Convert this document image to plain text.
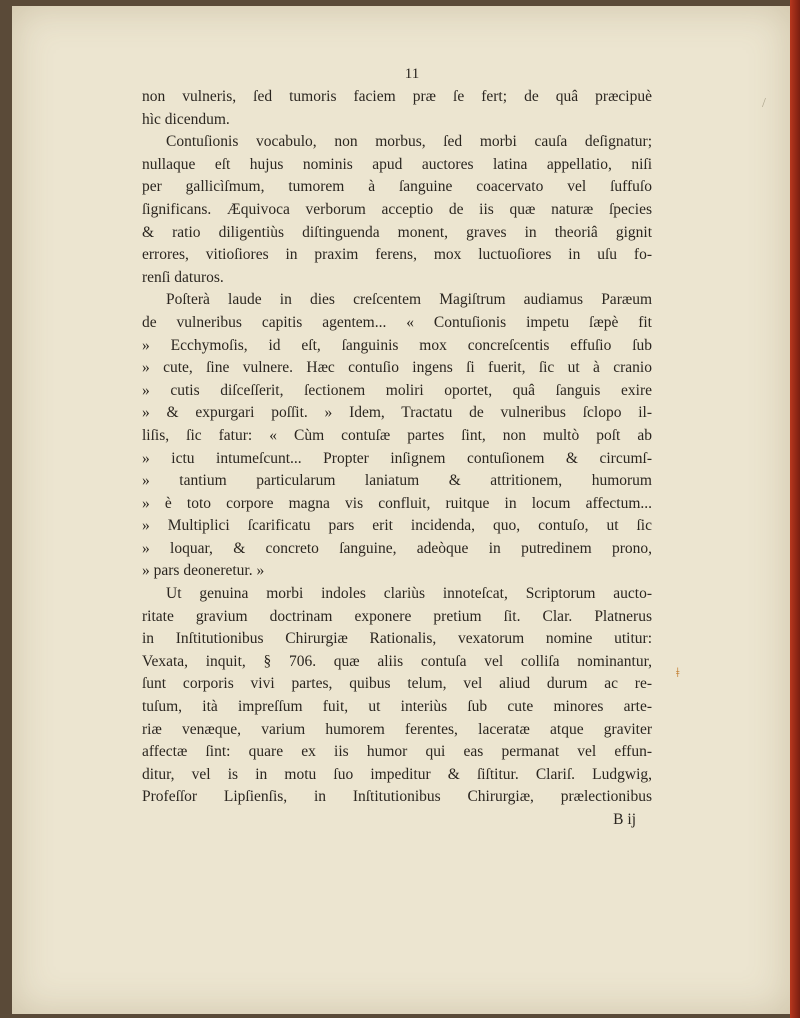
/
ǂ
11
non vulneris, ſed tumoris faciem præ ſe fert; de quâ præcipuè
hìc dicendum.
Contuſionis vocabulo, non morbus, ſed morbi cauſa deſignatur;
nullaque eſt hujus nominis apud auctores latina appellatio, niſi
per gallicìſmum, tumorem à ſanguine coacervato vel ſuffuſo
ſignificans. Æquivoca verborum acceptio de iis quæ naturæ ſpecies
& ratio diligentiùs diſtinguenda monent, graves in theoriâ gignit
errores, vitioſiores in praxim ferens, mox luctuoſiores in uſu fo-
renſi daturos.
Poſterà laude in dies creſcentem Magiſtrum audiamus Paræum
de vulneribus capitis agentem... « Contuſionis impetu ſæpè fit
» Ecchymoſis, id eſt, ſanguinis mox concreſcentis effuſio ſub
» cute, ſine vulnere. Hæc contuſio ingens ſi fuerit, ſic ut à cranio
» cutis diſceſſerit, ſectionem moliri oportet, quâ ſanguis exire
» & expurgari poſſit. » Idem, Tractatu de vulneribus ſclopo il-
liſis, ſic fatur: « Cùm contuſæ partes ſint, non multò poſt ab
» ictu intumeſcunt... Propter inſignem contuſionem & circumſ-
» tantium particularum laniatum & attritionem, humorum
» è toto corpore magna vis confluit, ruitque in locum affectum...
» Multiplici ſcarificatu pars erit incidenda, quo, contuſo, ut ſic
» loquar, & concreto ſanguine, adeòque in putredinem prono,
» pars deoneretur. »
Ut genuina morbi indoles clariùs innoteſcat, Scriptorum aucto-
ritate gravium doctrinam exponere pretium ſit. Clar. Platnerus
in Inſtitutionibus Chirurgiæ Rationalis, vexatorum nomine utitur:
Vexata, inquit, § 706. quæ aliis contuſa vel colliſa nominantur,
ſunt corporis vivi partes, quibus telum, vel aliud durum ac re-
tuſum, ità impreſſum fuit, ut interiùs ſub cute minores arte-
riæ venæque, varium humorem ferentes, laceratæ atque graviter
affectæ ſint: quare ex iis humor qui eas permanat vel effun-
ditur, vel is in motu ſuo impeditur & ſiſtitur. Clariſ. Ludgwig,
Profeſſor Lipſienſis, in Inſtitutionibus Chirurgiæ, prælectionibus
B ij
